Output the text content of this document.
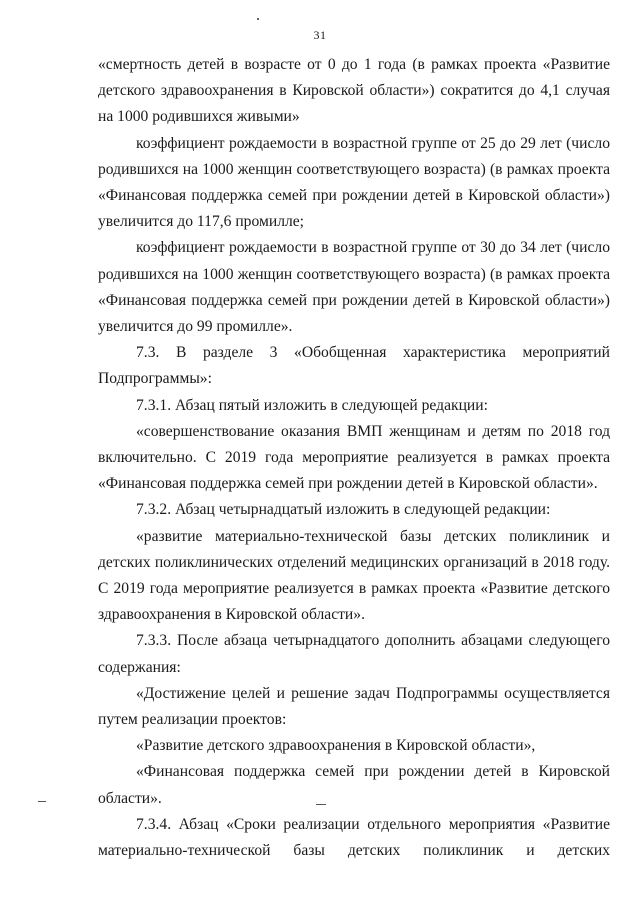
31

«смертность детей в возрасте от 0 до 1 года (в рамках проекта «Развитие детского здравоохранения в Кировской области») сократится до 4,1 случая на 1000 родившихся живыми»

коэффициент рождаемости в возрастной группе от 25 до 29 лет (число родившихся на 1000 женщин соответствующего возраста) (в рамках проекта «Финансовая поддержка семей при рождении детей в Кировской области») увеличится до 117,6 промилле;

коэффициент рождаемости в возрастной группе от 30 до 34 лет (число родившихся на 1000 женщин соответствующего возраста) (в рамках проекта «Финансовая поддержка семей при рождении детей в Кировской области») увеличится до 99 промилле».

7.3. В разделе 3 «Обобщенная характеристика мероприятий Подпрограммы»:

7.3.1. Абзац пятый изложить в следующей редакции:

«совершенствование оказания ВМП женщинам и детям по 2018 год включительно. С 2019 года мероприятие реализуется в рамках проекта «Финансовая поддержка семей при рождении детей в Кировской области».

7.3.2. Абзац четырнадцатый изложить в следующей редакции:

«развитие материально-технической базы детских поликлиник и детских поликлинических отделений медицинских организаций в 2018 году. С 2019 года мероприятие реализуется в рамках проекта «Развитие детского здравоохранения в Кировской области».

7.3.3. После абзаца четырнадцатого дополнить абзацами следующего содержания:

«Достижение целей и решение задач Подпрограммы осуществляется путем реализации проектов:

«Развитие детского здравоохранения в Кировской области»,

«Финансовая поддержка семей при рождении детей в Кировской области».

7.3.4. Абзац «Сроки реализации отдельного мероприятия «Развитие материально-технической базы детских поликлиник и детских
